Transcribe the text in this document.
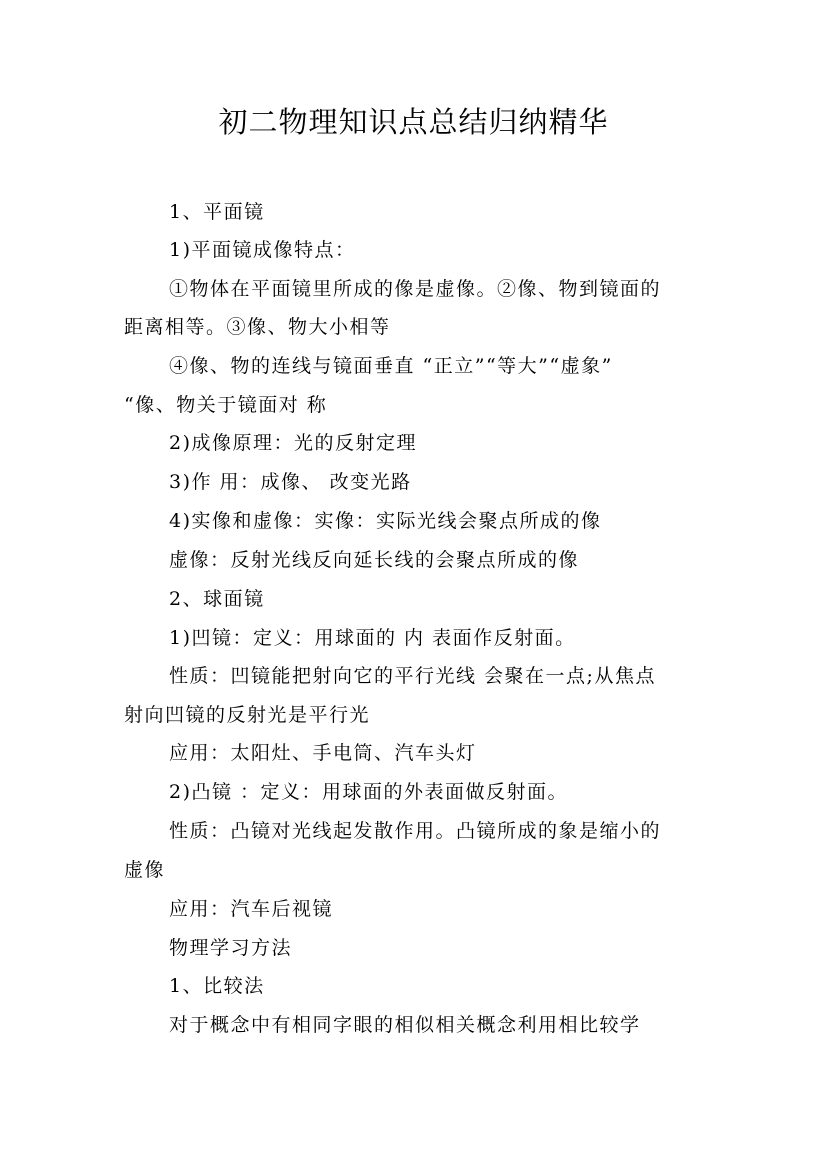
初二物理知识点总结归纳精华
1、平面镜
1)平面镜成像特点：
①物体在平面镜里所成的像是虚像。②像、物到镜面的
距离相等。③像、物大小相等
④像、物的连线与镜面垂直 “正立”“等大”“虚象”
“像、物关于镜面对 称
2)成像原理：光的反射定理
3)作 用：成像、 改变光路
4)实像和虚像：实像：实际光线会聚点所成的像
虚像：反射光线反向延长线的会聚点所成的像
2、球面镜
1)凹镜：定义：用球面的 内 表面作反射面。
性质：凹镜能把射向它的平行光线 会聚在一点;从焦点
射向凹镜的反射光是平行光
应用：太阳灶、手电筒、汽车头灯
2)凸镜 ：定义：用球面的外表面做反射面。
性质：凸镜对光线起发散作用。凸镜所成的象是缩小的
虚像
应用：汽车后视镜
物理学习方法
1、比较法
对于概念中有相同字眼的相似相关概念利用相比较学
